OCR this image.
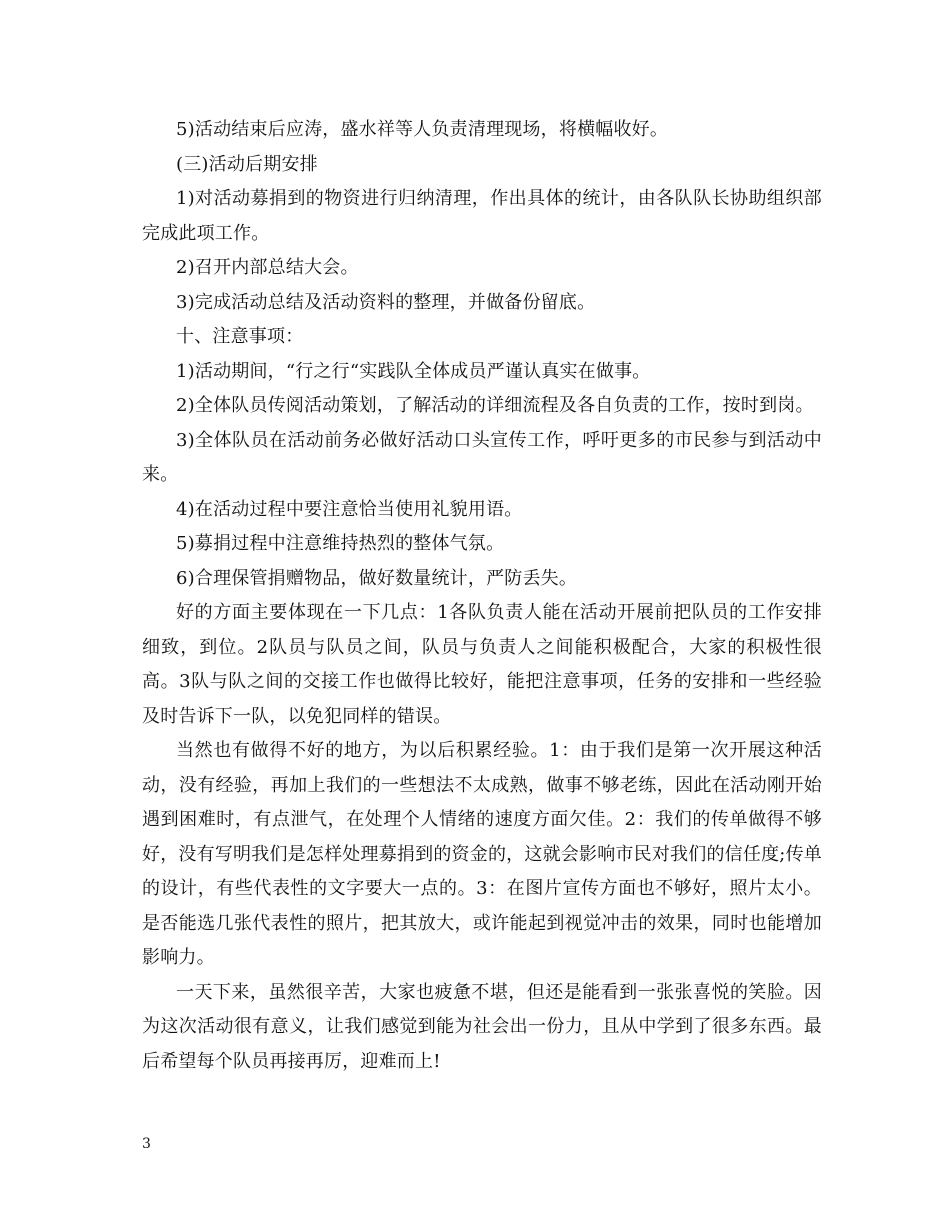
5)活动结束后应涛，盛水祥等人负责清理现场，将横幅收好。

(三)活动后期安排

1)对活动募捐到的物资进行归纳清理，作出具体的统计，由各队队长协助组织部完成此项工作。

2)召开内部总结大会。

3)完成活动总结及活动资料的整理，并做备份留底。

十、注意事项：

1)活动期间，“行之行“实践队全体成员严谨认真实在做事。

2)全体队员传阅活动策划，了解活动的详细流程及各自负责的工作，按时到岗。

3)全体队员在活动前务必做好活动口头宣传工作，呼吁更多的市民参与到活动中来。

4)在活动过程中要注意恰当使用礼貌用语。

5)募捐过程中注意维持热烈的整体气氛。

6)合理保管捐赠物品，做好数量统计，严防丢失。

好的方面主要体现在一下几点：1各队负责人能在活动开展前把队员的工作安排细致，到位。2队员与队员之间，队员与负责人之间能积极配合，大家的积极性很高。3队与队之间的交接工作也做得比较好，能把注意事项，任务的安排和一些经验及时告诉下一队，以免犯同样的错误。

当然也有做得不好的地方，为以后积累经验。1：由于我们是第一次开展这种活动，没有经验，再加上我们的一些想法不太成熟，做事不够老练，因此在活动刚开始遇到困难时，有点泄气，在处理个人情绪的速度方面欠佳。2：我们的传单做得不够好，没有写明我们是怎样处理募捐到的资金的，这就会影响市民对我们的信任度;传单的设计，有些代表性的文字要大一点的。3：在图片宣传方面也不够好，照片太小。是否能选几张代表性的照片，把其放大，或许能起到视觉冲击的效果，同时也能增加影响力。

一天下来，虽然很辛苦，大家也疲惫不堪，但还是能看到一张张喜悦的笑脸。因为这次活动很有意义，让我们感觉到能为社会出一份力，且从中学到了很多东西。最后希望每个队员再接再厉，迎难而上!

3
